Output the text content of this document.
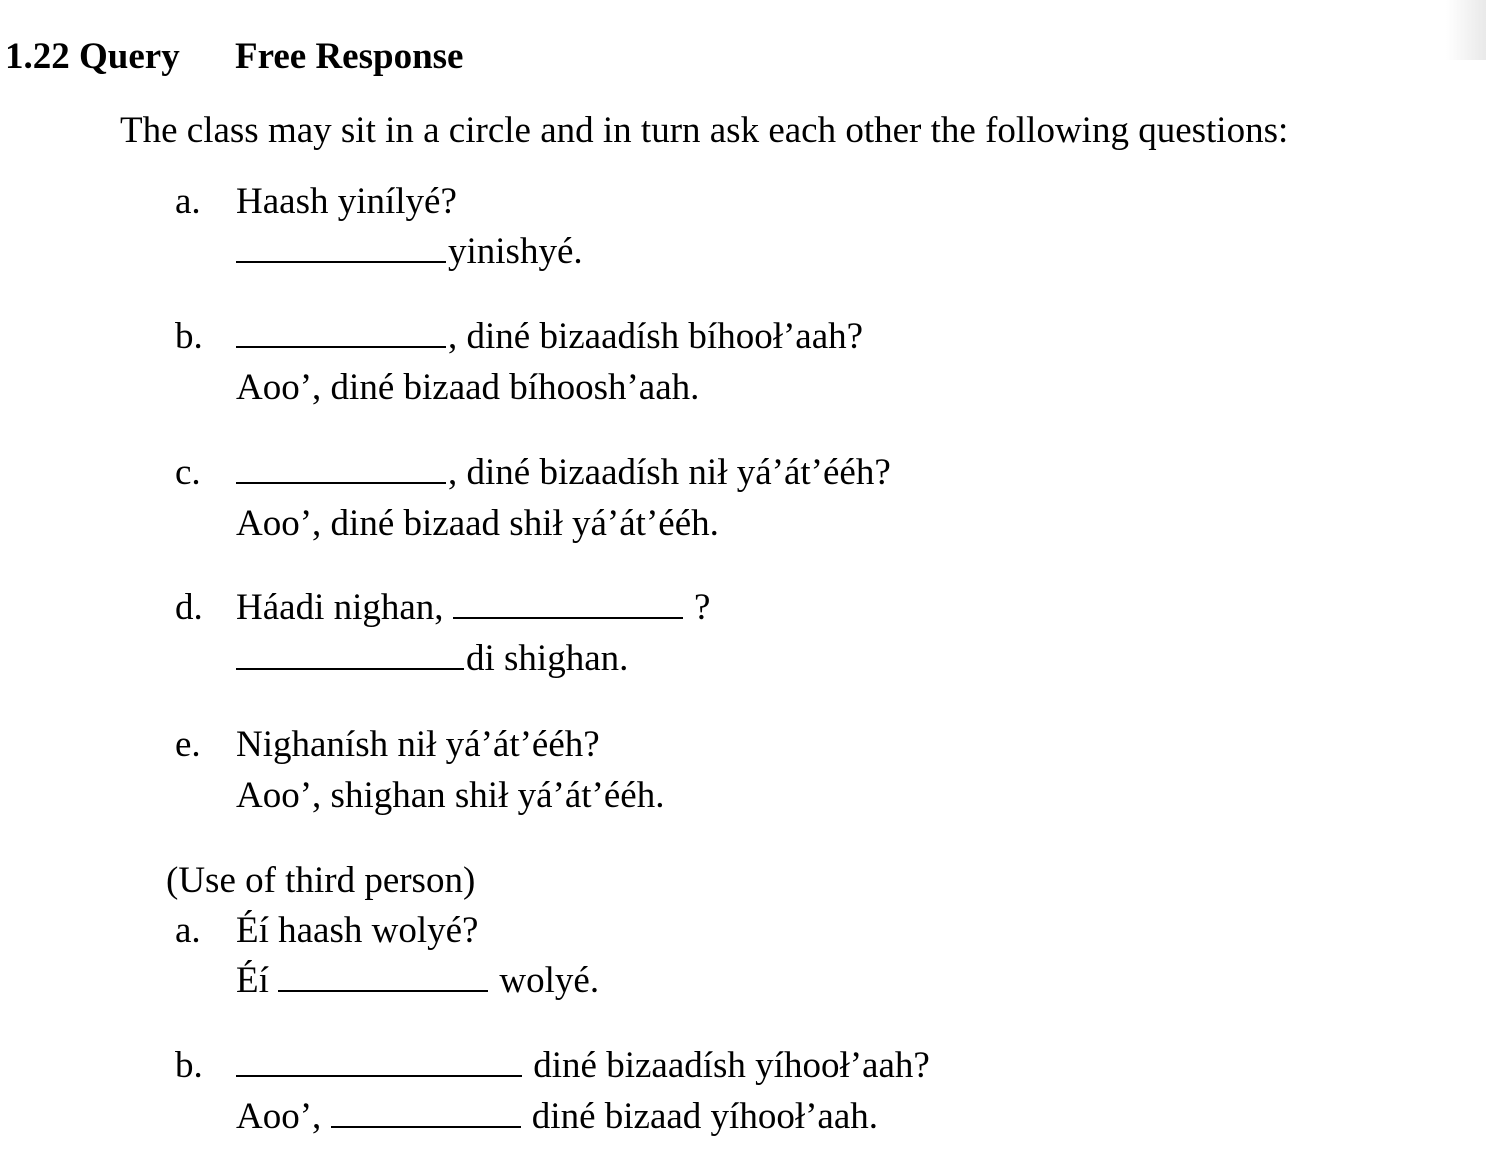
1.22 Query Free Response
The class may sit in a circle and in turn ask each other the following questions:
a. Haash yinílyé?
yinishyé.
b.	, diné bizaadísh bíhooł’aah?
Aoo’, diné bizaad bíhoosh’aah.
c.	, diné bizaadísh nił yá’át’ééh?
Aoo’, diné bizaad shił yá’át’ééh.
d. Háadi nighan,	?
di shighan.
e. Nighanísh nił yá’át’ééh?
Aoo’, shighan shił yá’át’ééh.
(Use of third person)
a. Éí haash wolyé?
Éí	wolyé.
b.	diné bizaadísh yíhooł’aah?
Aoo’,	diné bizaad yíhooł’aah.
